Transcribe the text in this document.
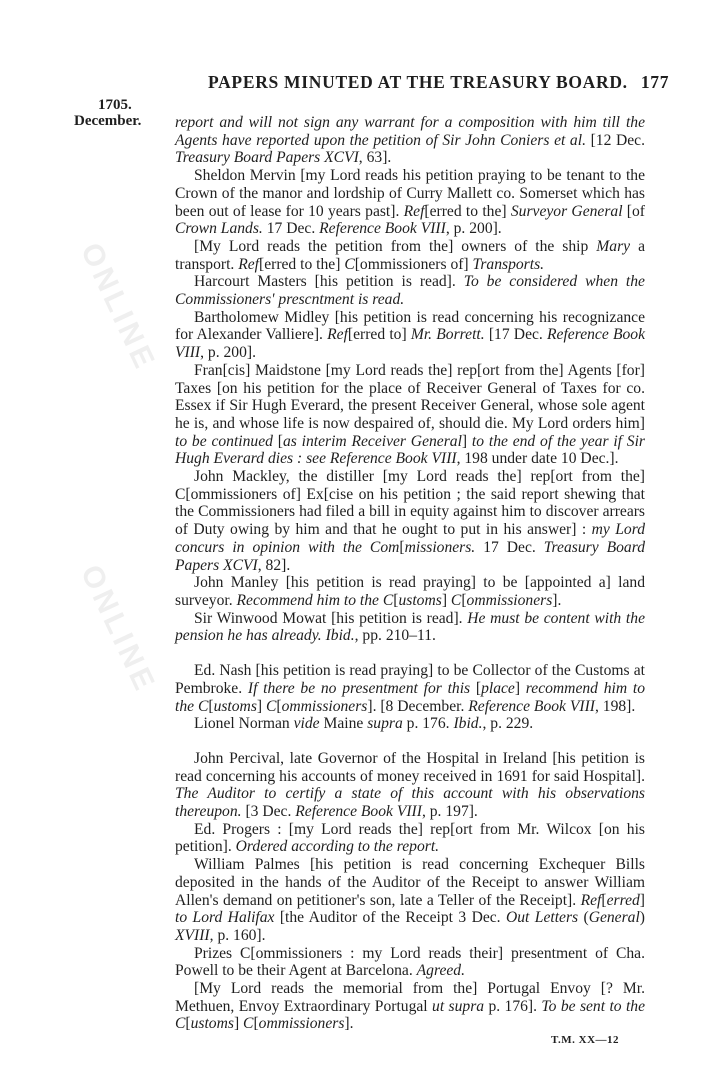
ONLINE
ONLINE
PAPERS MINUTED AT THE TREASURY BOARD. 177
1705.
December. report and will not sign any warrant for a composition with him till the Agents have reported upon the petition of Sir John Coniers et al. [12 Dec. Treasury Board Papers XCVI, 63].

Sheldon Mervin [my Lord reads his petition praying to be tenant to the Crown of the manor and lordship of Curry Mallett co. Somerset which has been out of lease for 10 years past]. Ref[erred to the] Surveyor General [of Crown Lands. 17 Dec. Reference Book VIII, p. 200].

[My Lord reads the petition from the] owners of the ship Mary a transport. Ref[erred to the] C[ommissioners of] Transports.

Harcourt Masters [his petition is read]. To be considered when the Commissioners' prescntment is read.

Bartholomew Midley [his petition is read concerning his recognizance for Alexander Valliere]. Ref[erred to] Mr. Borrett. [17 Dec. Reference Book VIII, p. 200].

Fran[cis] Maidstone [my Lord reads the] rep[ort from the] Agents [for] Taxes [on his petition for the place of Receiver General of Taxes for co. Essex if Sir Hugh Everard, the present Receiver General, whose sole agent he is, and whose life is now despaired of, should die. My Lord orders him] to be continued [as interim Receiver General] to the end of the year if Sir Hugh Everard dies : see Reference Book VIII, 198 under date 10 Dec.].

John Mackley, the distiller [my Lord reads the] rep[ort from the] C[ommissioners of] Ex[cise on his petition ; the said report shewing that the Commissioners had filed a bill in equity against him to discover arrears of Duty owing by him and that he ought to put in his answer] : my Lord concurs in opinion with the Com[missioners. 17 Dec. Treasury Board Papers XCVI, 82].

John Manley [his petition is read praying] to be [appointed a] land surveyor. Recommend him to the C[ustoms] C[ommissioners].

Sir Winwood Mowat [his petition is read]. He must be content with the pension he has already. Ibid., pp. 210–11.

Ed. Nash [his petition is read praying] to be Collector of the Customs at Pembroke. If there be no presentment for this [place] recommend him to the C[ustoms] C[ommissioners]. [8 December. Reference Book VIII, 198].

Lionel Norman vide Maine supra p. 176. Ibid., p. 229.

John Percival, late Governor of the Hospital in Ireland [his petition is read concerning his accounts of money received in 1691 for said Hospital]. The Auditor to certify a state of this account with his observations thereupon. [3 Dec. Reference Book VIII, p. 197].

Ed. Progers : [my Lord reads the] rep[ort from Mr. Wilcox [on his petition]. Ordered according to the report.

William Palmes [his petition is read concerning Exchequer Bills deposited in the hands of the Auditor of the Receipt to answer William Allen's demand on petitioner's son, late a Teller of the Receipt]. Ref[erred] to Lord Halifax [the Auditor of the Receipt 3 Dec. Out Letters (General) XVIII, p. 160].

Prizes C[ommissioners : my Lord reads their] presentment of Cha. Powell to be their Agent at Barcelona. Agreed.

[My Lord reads the memorial from the] Portugal Envoy [? Mr. Methuen, Envoy Extraordinary Portugal ut supra p. 176]. To be sent to the C[ustoms] C[ommissioners].

T.M. XX—12
